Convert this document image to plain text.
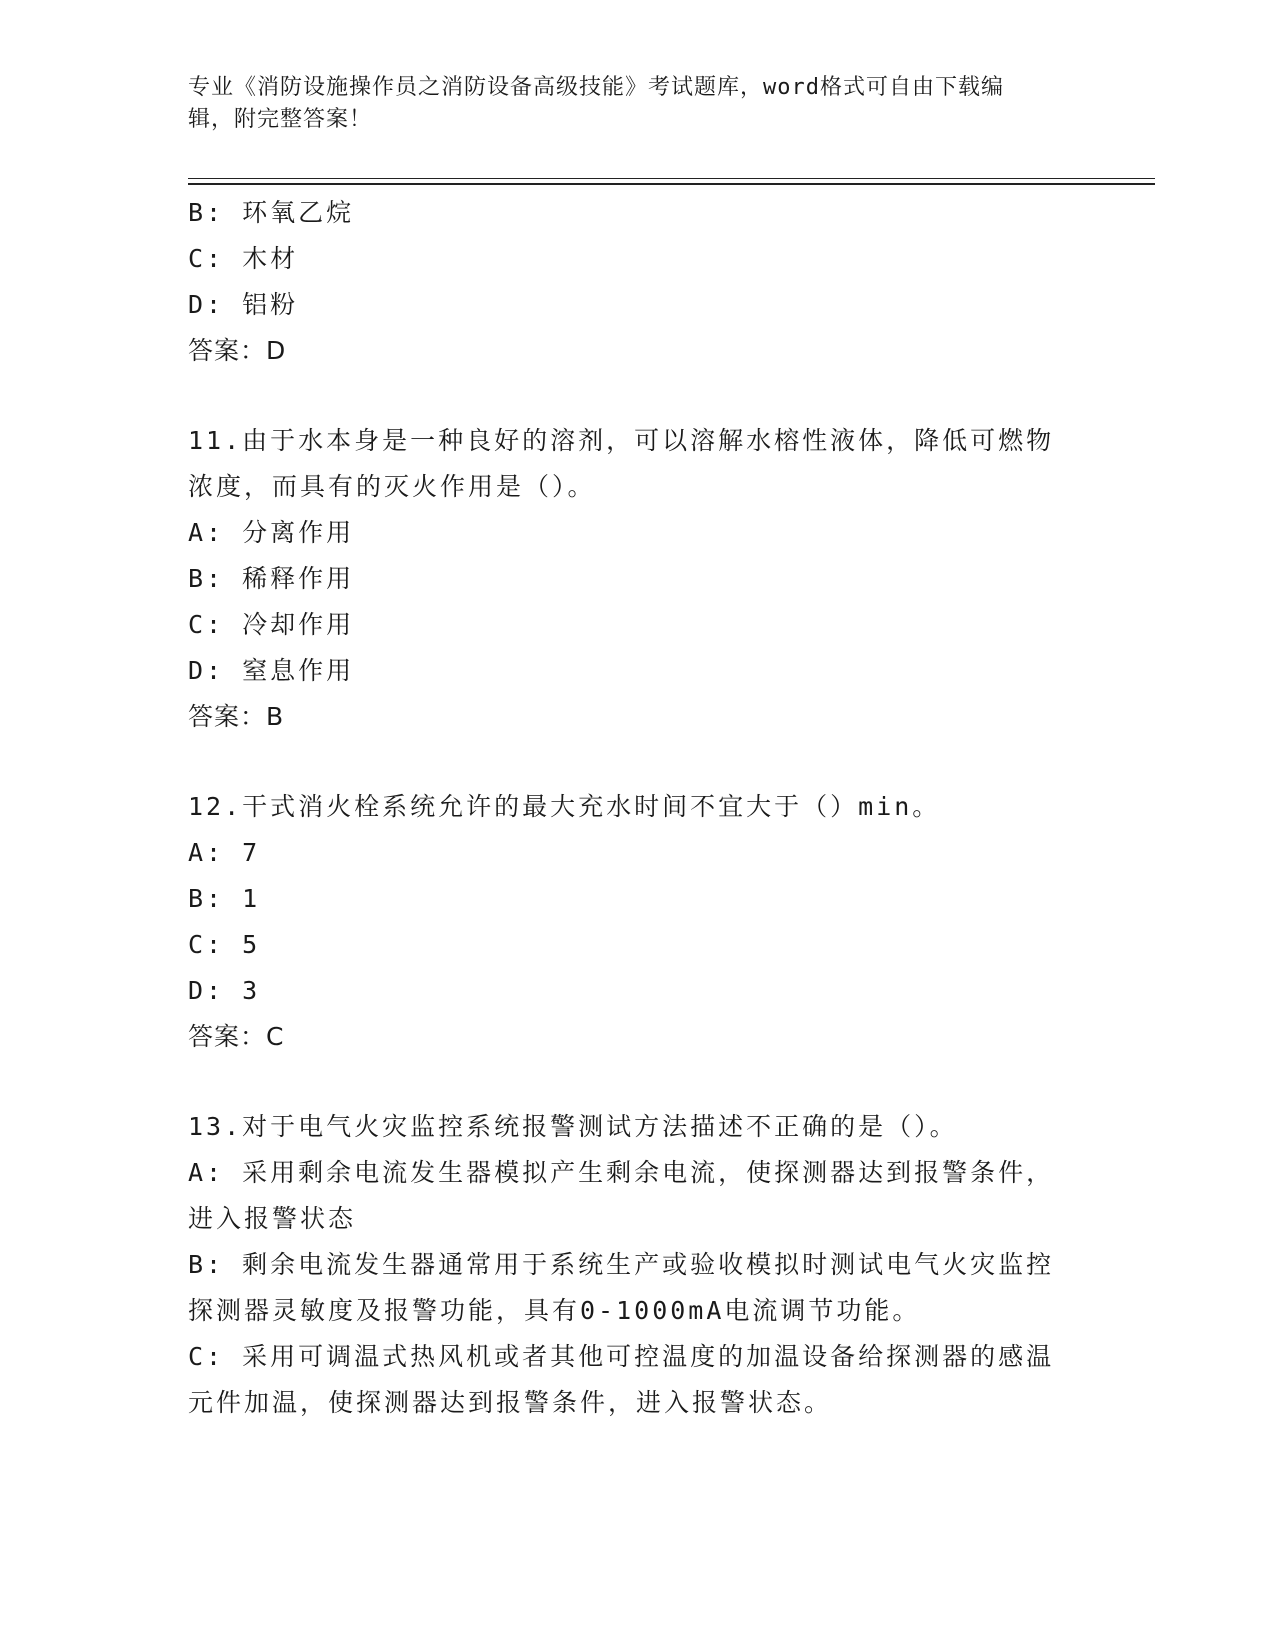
专业《消防设施操作员之消防设备高级技能》考试题库，word格式可自由下载编
辑，附完整答案！
B: 环氧乙烷
C: 木材
D: 铝粉
答案：D
11.由于水本身是一种良好的溶剂，可以溶解水榕性液体，降低可燃物
浓度，而具有的灭火作用是（）。
A: 分离作用
B: 稀释作用
C: 冷却作用
D: 窒息作用
答案：B
12.干式消火栓系统允许的最大充水时间不宜大于（）min。
A: 7
B: 1
C: 5
D: 3
答案：C
13.对于电气火灾监控系统报警测试方法描述不正确的是（）。
A: 采用剩余电流发生器模拟产生剩余电流，使探测器达到报警条件，
进入报警状态
B: 剩余电流发生器通常用于系统生产或验收模拟时测试电气火灾监控
探测器灵敏度及报警功能，具有0-1000mA电流调节功能。
C: 采用可调温式热风机或者其他可控温度的加温设备给探测器的感温
元件加温，使探测器达到报警条件，进入报警状态。
